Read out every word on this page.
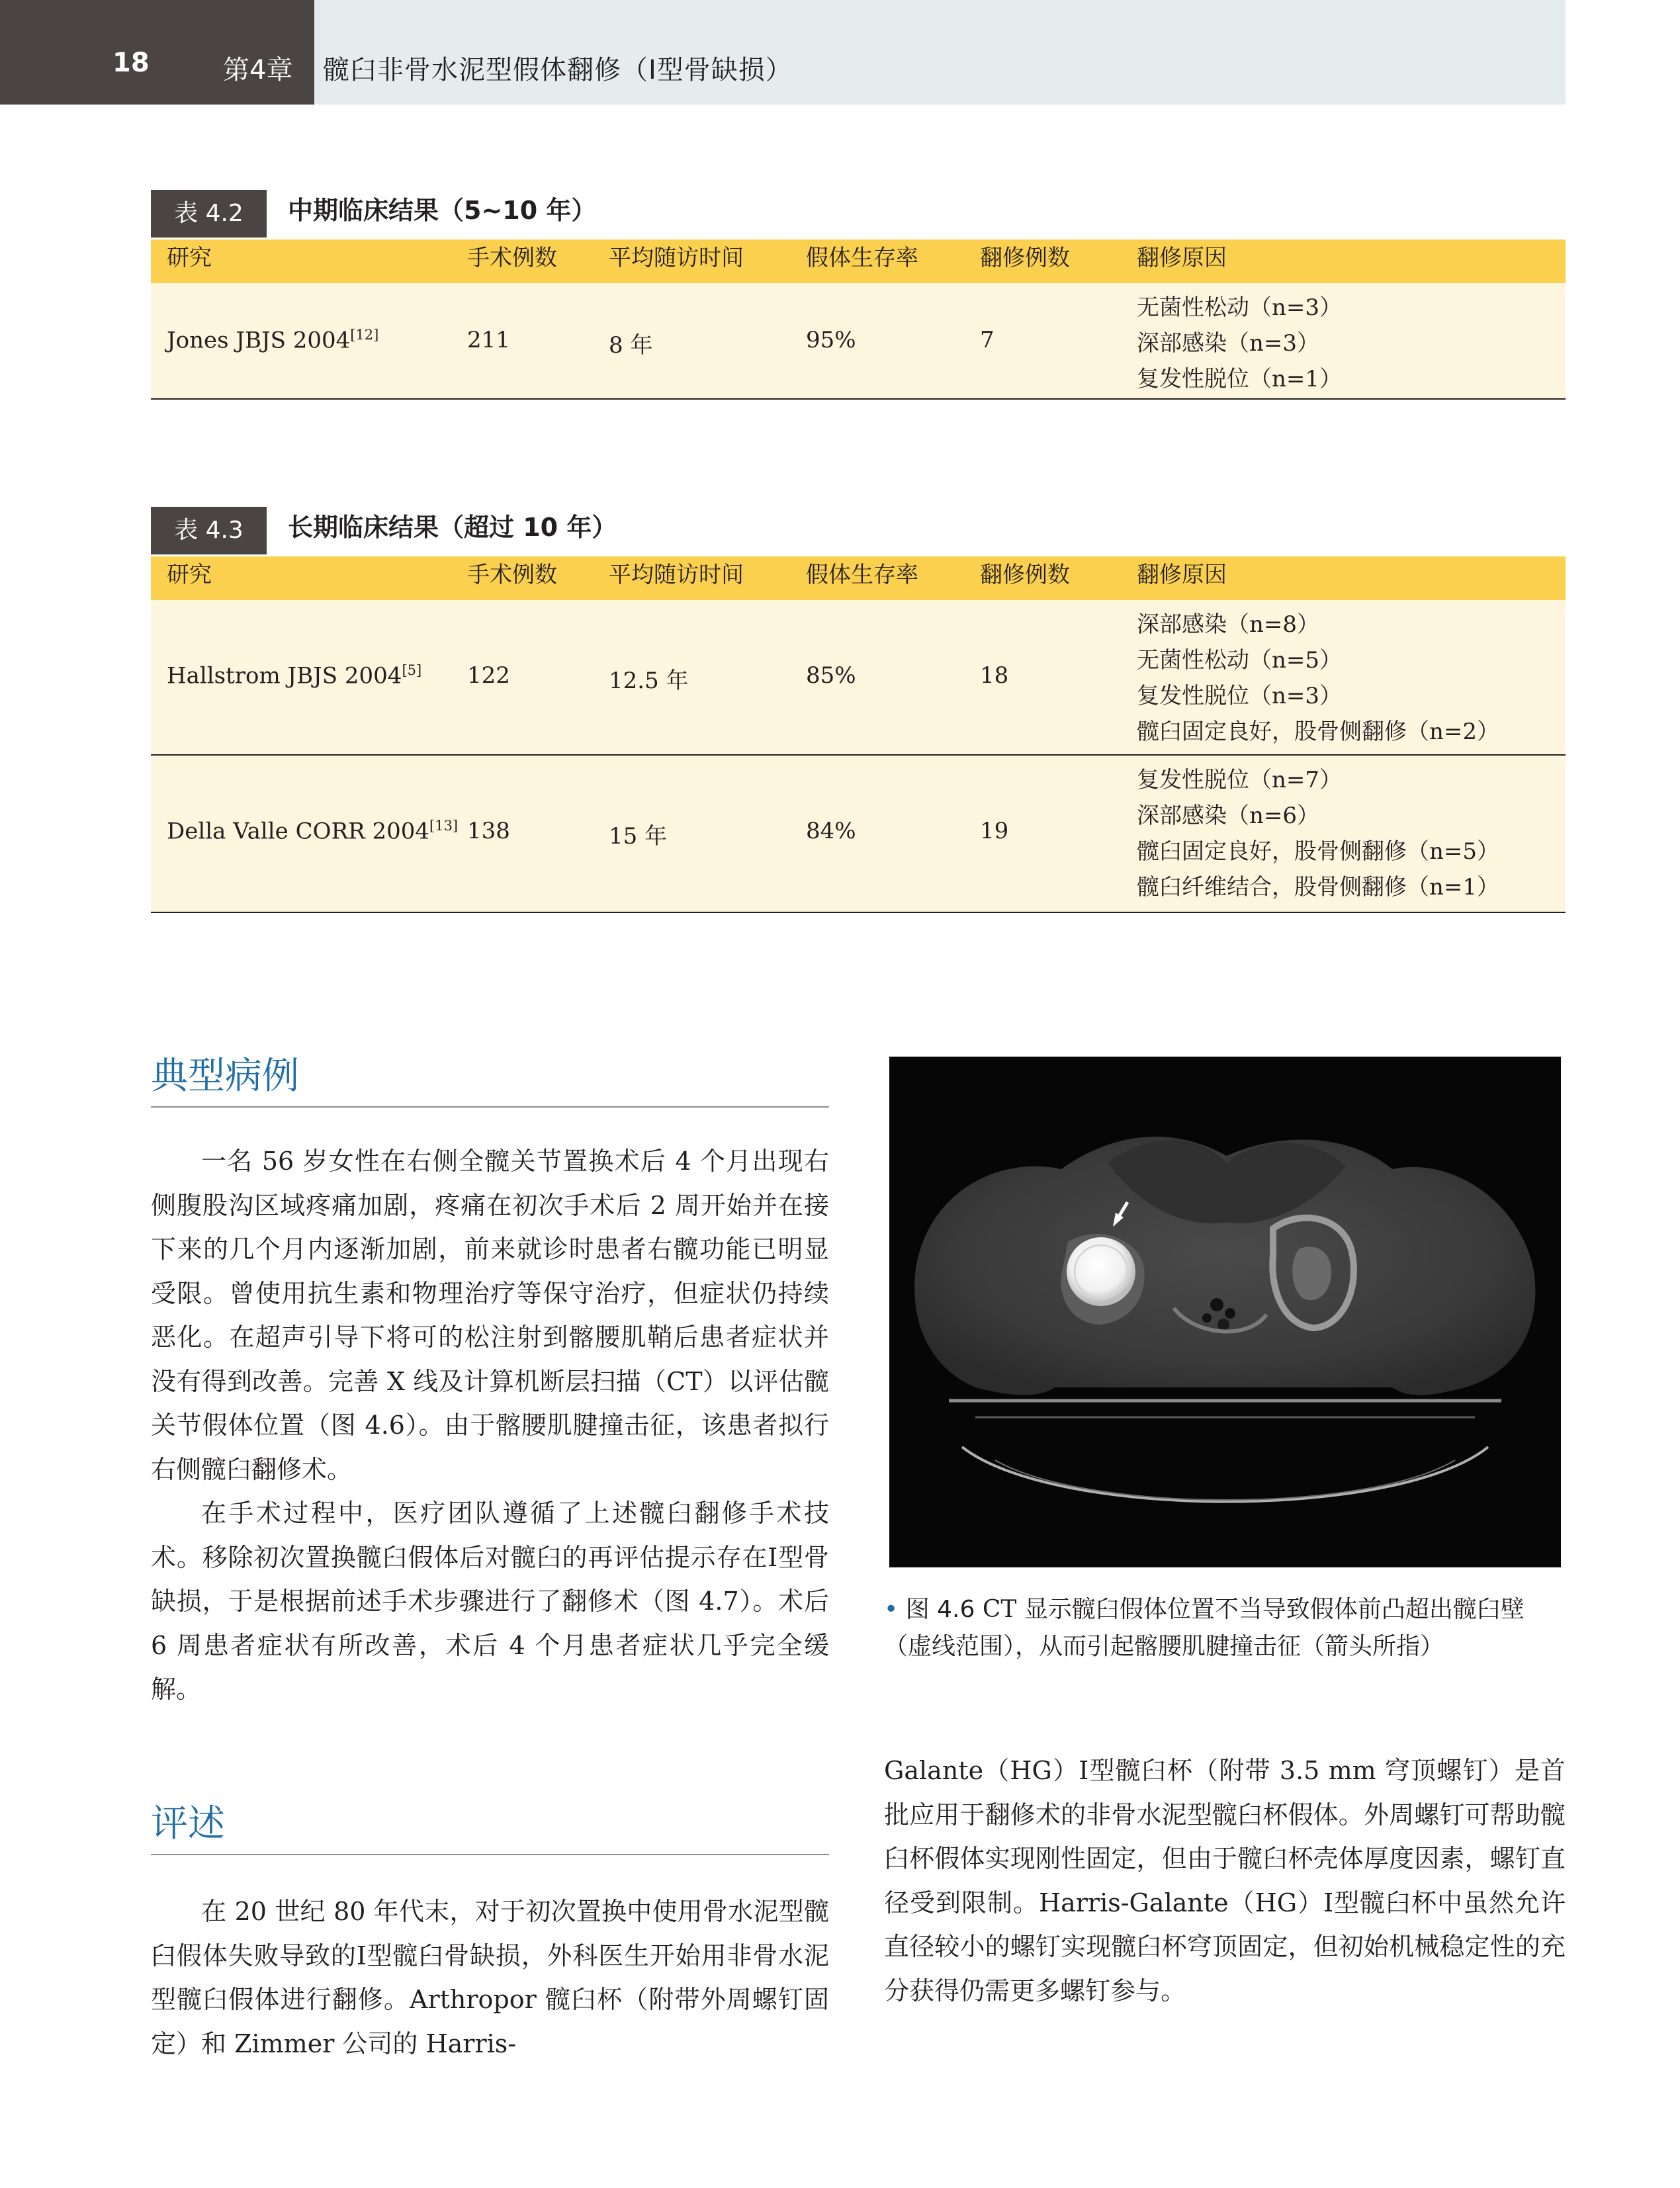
18	第4章 髋臼非骨水泥型假体翻修（Ⅰ型骨缺损）
表 4.2	中期临床结果（5~10 年）
研究	手术例数 平均随访时间	假体生存率	翻修例数	翻修原因
Jones JBJS 2004[12]	211	8 年	95%	7
无菌性松动（n=3）
深部感染（n=3）
复发性脱位（n=1）
表 4.3	长期临床结果（超过 10 年）
研究	手术例数 平均随访时间	假体生存率	翻修例数	翻修原因
Hallstrom JBJS 2004[5] 122	12.5 年	85%	18
深部感染（n=8）
无菌性松动（n=5）
复发性脱位（n=3）
髋臼固定良好，股骨侧翻修（n=2）
Della Valle CORR 2004[13] 138	15 年	84%	19
复发性脱位（n=7）
深部感染（n=6）
髋臼固定良好，股骨侧翻修（n=5）
髋臼纤维结合，股骨侧翻修（n=1）
典型病例

一名 56 岁女性在右侧全髋关节置换术后 4 个月出现右侧腹股沟区域疼痛加剧，疼痛在初次手术后 2 周开始并在接下来的几个月内逐渐加剧，前来就诊时患者右髋功能已明显受限。曾使用抗生素和物理治疗等保守治疗，但症状仍持续恶化。在超声引导下将可的松注射到髂腰肌鞘后患者症状并没有得到改善。完善 X 线及计算机断层扫描（CT）以评估髋关节假体位置（图 4.6）。由于髂腰肌腱撞击征，该患者拟行右侧髋臼翻修术。

在手术过程中，医疗团队遵循了上述髋臼翻修手术技术。移除初次置换髋臼假体后对髋臼的再评估提示存在Ⅰ型骨缺损，于是根据前述手术步骤进行了翻修术（图 4.7）。术后 6 周患者症状有所改善，术后 4 个月患者症状几乎完全缓解。

评述

在 20 世纪 80 年代末，对于初次置换中使用骨水泥型髋臼假体失败导致的Ⅰ型髋臼骨缺损，外科医生开始用非骨水泥型髋臼假体进行翻修。Arthropor 髋臼杯（附带外周螺钉固定）和 Zimmer 公司的 Harris-

• 图 4.6 CT 显示髋臼假体位置不当导致假体前凸超出髋臼壁（虚线范围），从而引起髂腰肌腱撞击征（箭头所指）

Galante（HG）Ⅰ型髋臼杯（附带 3.5 mm 穹顶螺钉）是首批应用于翻修术的非骨水泥型髋臼杯假体。外周螺钉可帮助髋臼杯假体实现刚性固定，但由于髋臼杯壳体厚度因素，螺钉直径受到限制。Harris-Galante（HG）Ⅰ型髋臼杯中虽然允许直径较小的螺钉实现髋臼杯穹顶固定，但初始机械稳定性的充分获得仍需更多螺钉参与。
